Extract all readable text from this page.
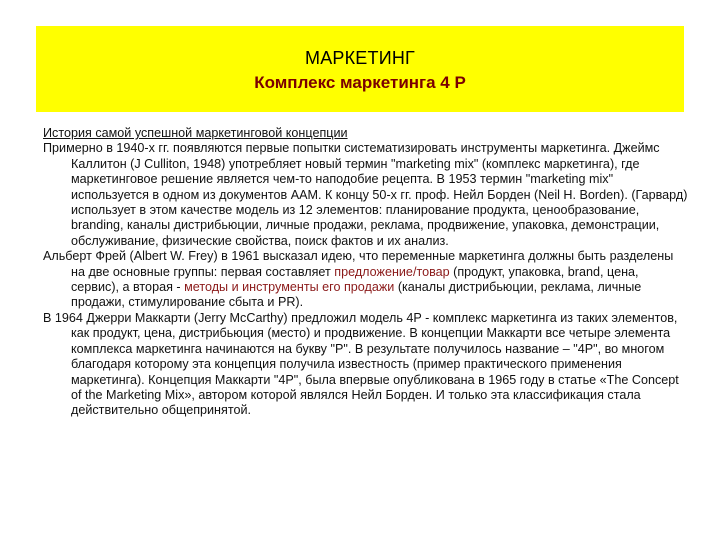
МАРКЕТИНГ
Комплекс маркетинга 4 Р

История самой успешной маркетинговой концепции

Примерно в 1940-х гг. появляются первые попытки систематизировать инструменты маркетинга. Джеймс Каллитон (J Culliton, 1948) употребляет новый термин "marketing mix" (комплекс маркетинга), где маркетинговое решение является чем-то наподобие рецепта. В 1953 термин "marketing mix" используется в одном из документов ААМ. К концу 50-х гг. проф. Нейл Борден (Neil H. Borden). (Гарвард) использует в этом качестве модель из 12 элементов: планирование продукта, ценообразование, branding, каналы дистрибьюции, личные продажи, реклама, продвижение, упаковка, демонстрации, обслуживание, физические свойства, поиск фактов и их анализ.

Альберт Фрей (Albert W. Frey) в 1961 высказал идею, что переменные маркетинга должны быть разделены на две основные группы: первая составляет предложение/товар (продукт, упаковка, brand, цена, сервис), а вторая - методы и инструменты его продажи (каналы дистрибьюции, реклама, личные продажи, стимулирование сбыта и PR).

В 1964 Джерри Маккарти (Jerry McCarthy) предложил модель 4P - комплекс маркетинга из таких элементов, как продукт, цена, дистрибьюция (место) и продвижение. В концепции Маккарти все четыре элемента комплекса маркетинга начинаются на букву "P". В результате получилось название – "4P", во многом благодаря которому эта концепция получила известность (пример практического применения маркетинга). Концепция Маккарти "4P", была впервые опубликована в 1965 году в статье «The Concept of the Marketing Mix», автором которой являлся Нейл Борден. И только эта классификация стала действительно общепринятой.
